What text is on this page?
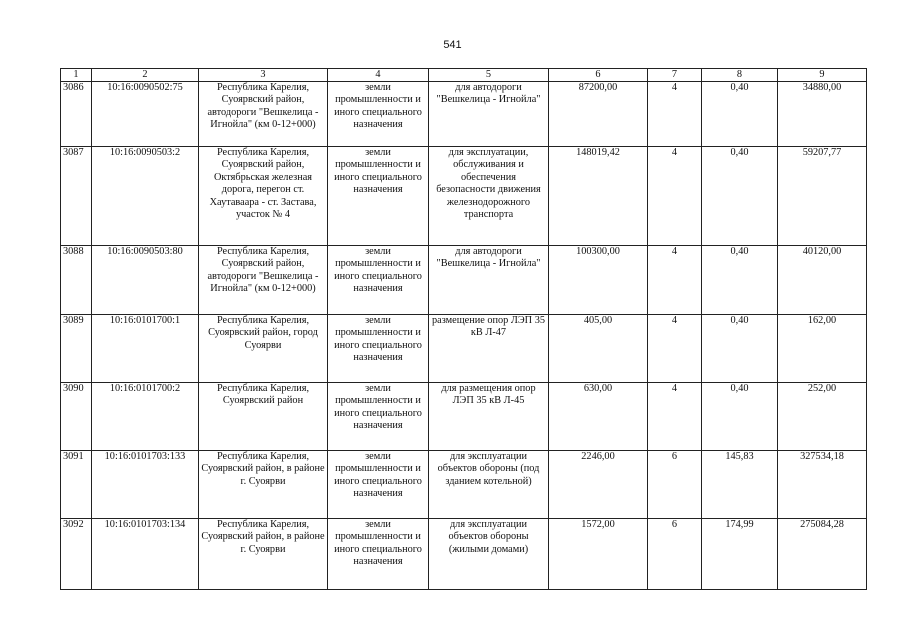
541
1	2	3	4	5	6	7	8	9
3086	10:16:0090502:75	Республика Карелия, Суоярвский район, автодороги "Вешкелица - Игнойла" (км 0-12+000)	земли промышленности и иного специального назначения	для автодороги "Вешкелица - Игнойла"	87200,00	4	0,40	34880,00
3087	10:16:0090503:2	Республика Карелия, Суоярвский район, Октябрьская железная дорога, перегон ст. Хаутаваара - ст. Застава, участок № 4	земли промышленности и иного специального назначения	для эксплуатации, обслуживания и обеспечения безопасности движения железнодорожного транспорта	148019,42	4	0,40	59207,77
3088	10:16:0090503:80	Республика Карелия, Суоярвский район, автодороги "Вешкелица - Игнойла" (км 0-12+000)	земли промышленности и иного специального назначения	для автодороги "Вешкелица - Игнойла"	100300,00	4	0,40	40120,00
3089	10:16:0101700:1	Республика Карелия, Суоярвский район, город Суоярви	земли промышленности и иного специального назначения	размещение опор ЛЭП 35 кВ Л-47	405,00	4	0,40	162,00
3090	10:16:0101700:2	Республика Карелия, Суоярвский район	земли промышленности и иного специального назначения	для размещения опор ЛЭП 35 кВ Л-45	630,00	4	0,40	252,00
3091	10:16:0101703:133	Республика Карелия, Суоярвский район, в районе г. Суоярви	земли промышленности и иного специального назначения	для эксплуатации объектов обороны (под зданием котельной)	2246,00	6	145,83	327534,18
3092	10:16:0101703:134	Республика Карелия, Суоярвский район, в районе г. Суоярви	земли промышленности и иного специального назначения	для эксплуатации объектов обороны (жилыми домами)	1572,00	6	174,99	275084,28
